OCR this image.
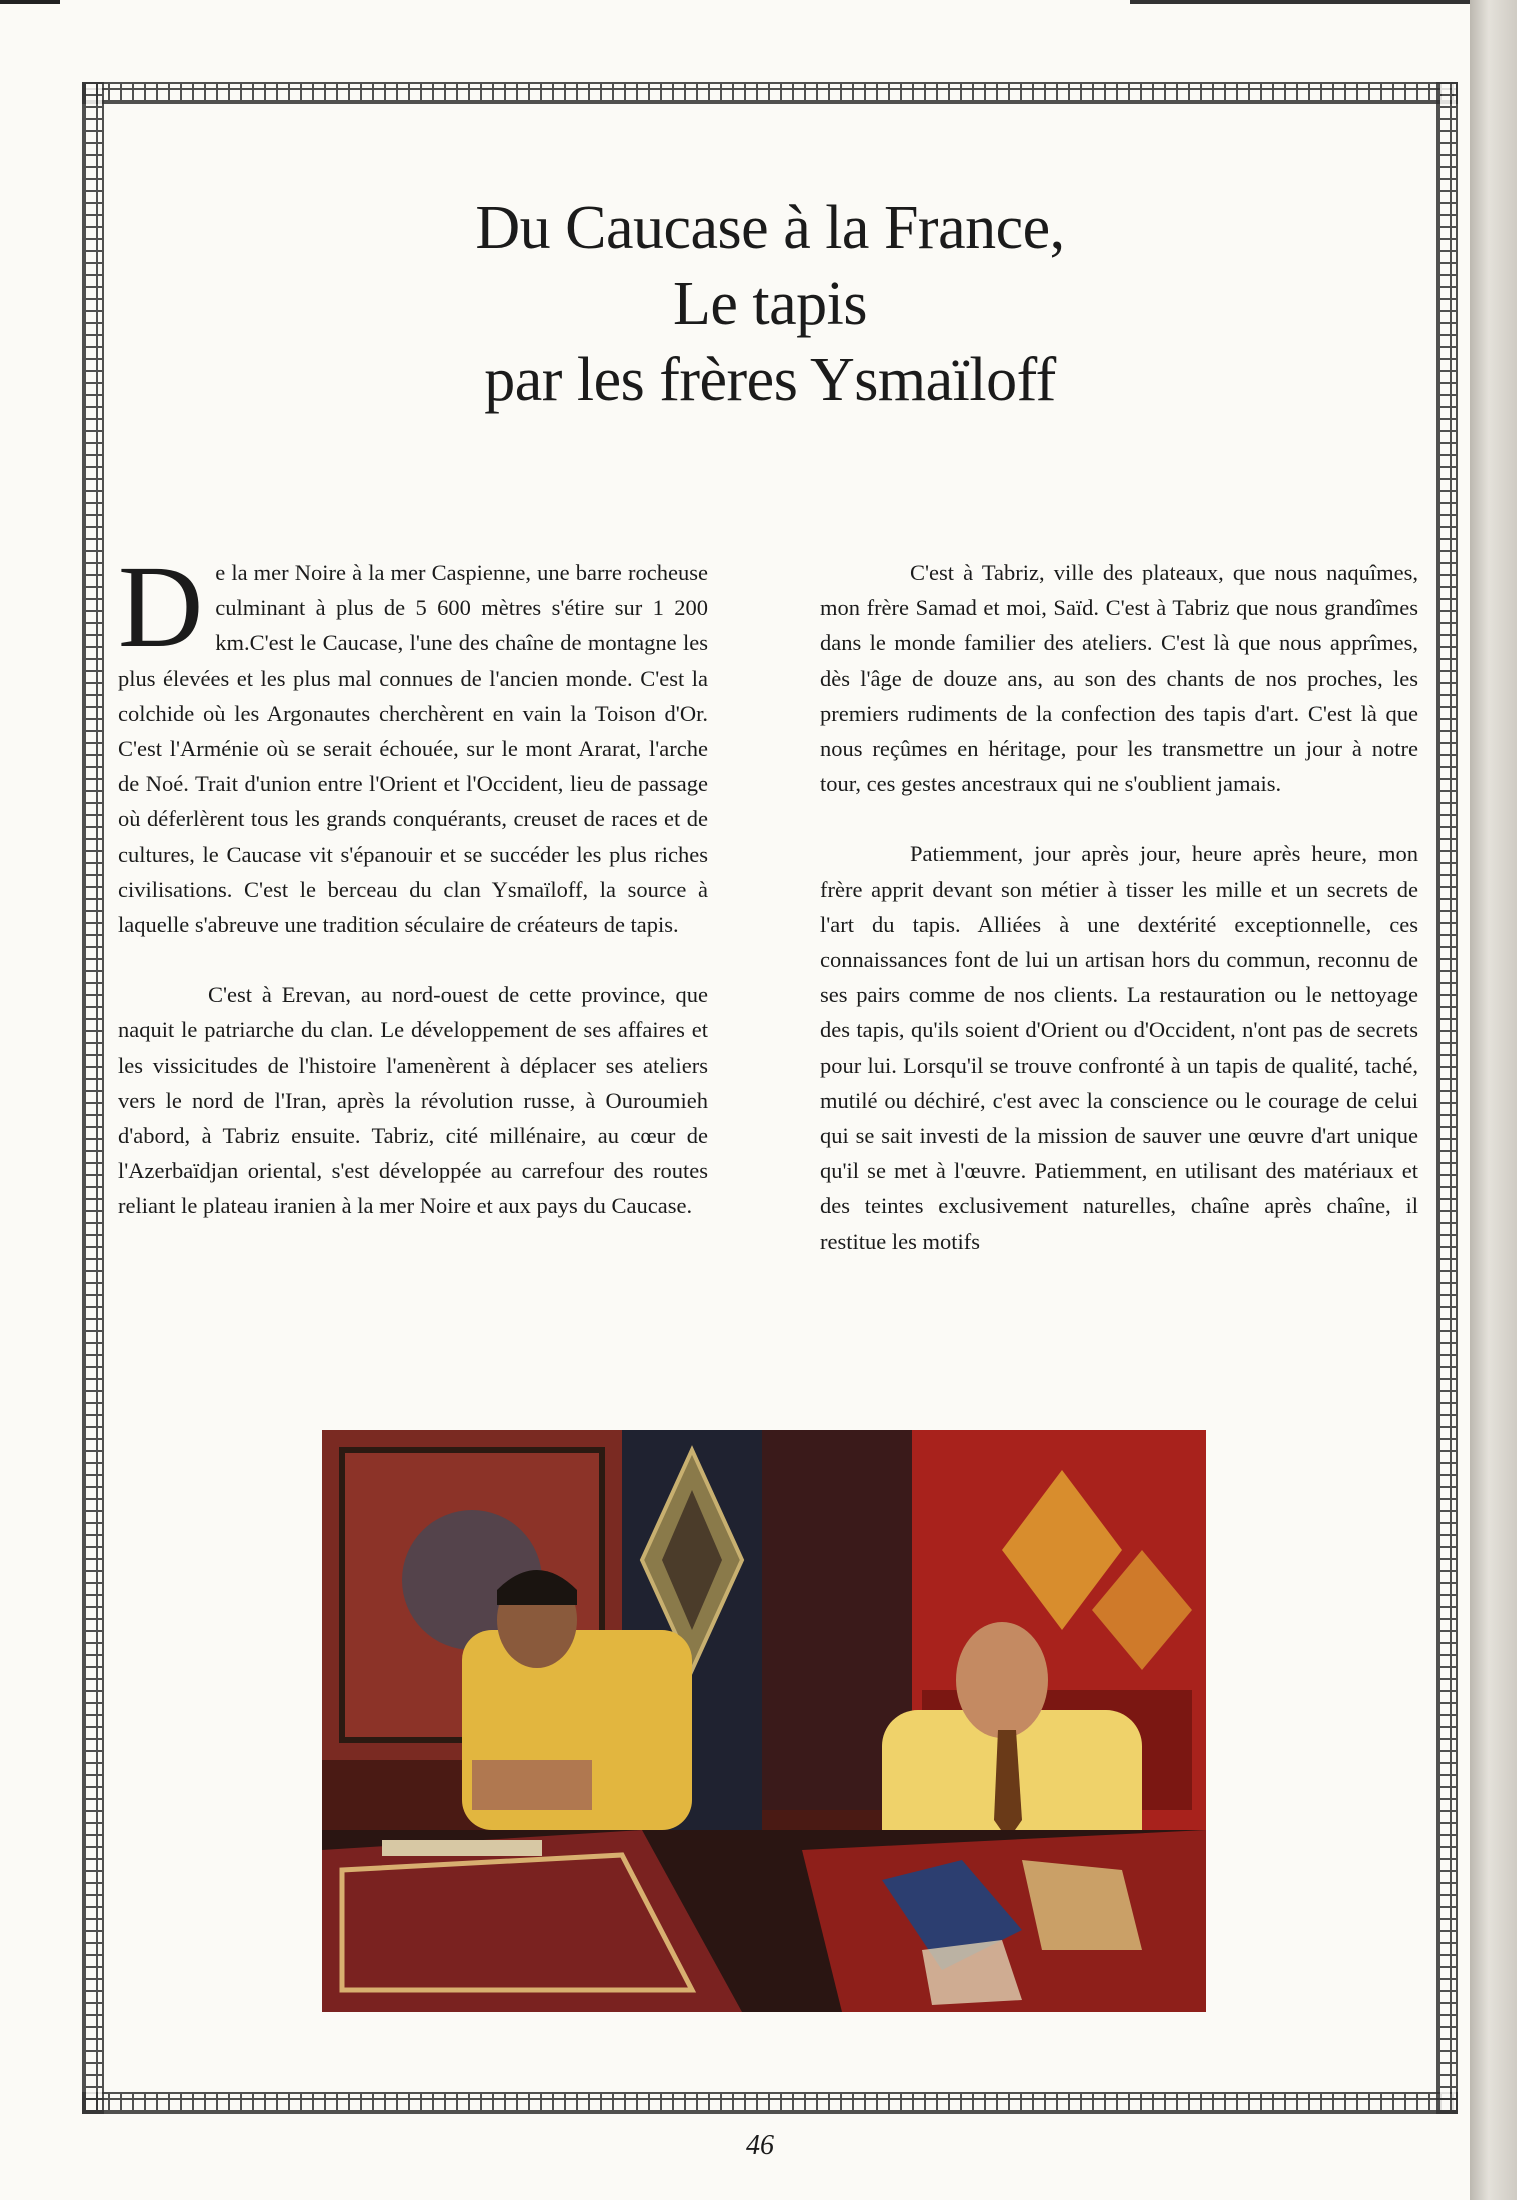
Du Caucase à la France,
Le tapis
par les frères Ysmaïloff

De la mer Noire à la mer Caspienne, une barre rocheuse culminant à plus de 5 600 mètres s'étire sur 1 200 km.C'est le Caucase, l'une des chaîne de montagne les plus élevées et les plus mal connues de l'ancien monde. C'est la colchide où les Argonautes cherchèrent en vain la Toison d'Or. C'est l'Arménie où se serait échouée, sur le mont Ararat, l'arche de Noé. Trait d'union entre l'Orient et l'Occident, lieu de passage où déferlèrent tous les grands conquérants, creuset de races et de cultures, le Caucase vit s'épanouir et se succéder les plus riches civilisations. C'est le berceau du clan Ysmaïloff, la source à laquelle s'abreuve une tradition séculaire de créateurs de tapis.

C'est à Erevan, au nord-ouest de cette province, que naquit le patriarche du clan. Le développement de ses affaires et les vissicitudes de l'histoire l'amenèrent à déplacer ses ateliers vers le nord de l'Iran, après la révolution russe, à Ouroumieh d'abord, à Tabriz ensuite. Tabriz, cité millénaire, au cœur de l'Azerbaïdjan oriental, s'est développée au carrefour des routes reliant le plateau iranien à la mer Noire et aux pays du Caucase.

C'est à Tabriz, ville des plateaux, que nous naquîmes, mon frère Samad et moi, Saïd. C'est à Tabriz que nous grandîmes dans le monde familier des ateliers. C'est là que nous apprîmes, dès l'âge de douze ans, au son des chants de nos proches, les premiers rudiments de la confection des tapis d'art. C'est là que nous reçûmes en héritage, pour les transmettre un jour à notre tour, ces gestes ancestraux qui ne s'oublient jamais.

Patiemment, jour après jour, heure après heure, mon frère apprit devant son métier à tisser les mille et un secrets de l'art du tapis. Alliées à une dextérité exceptionnelle, ces connaissances font de lui un artisan hors du commun, reconnu de ses pairs comme de nos clients. La restauration ou le nettoyage des tapis, qu'ils soient d'Orient ou d'Occident, n'ont pas de secrets pour lui. Lorsqu'il se trouve confronté à un tapis de qualité, taché, mutilé ou déchiré, c'est avec la conscience ou le courage de celui qui se sait investi de la mission de sauver une œuvre d'art unique qu'il se met à l'œuvre. Patiemment, en utilisant des matériaux et des teintes exclusivement naturelles, chaîne après chaîne, il restitue les motifs

46
